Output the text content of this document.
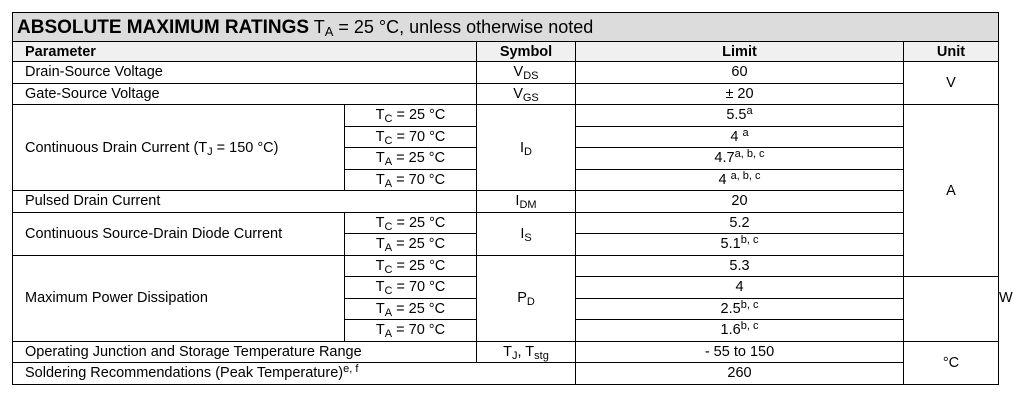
ABSOLUTE MAXIMUM RATINGS $T_A = 25$ °C, unless otherwise noted					
Parameter		Symbol	Limit	Unit	
Drain-Source Voltage		$V_{DS}$	60	V	
Gate-Source Voltage		$V_{GS}$	± 20		
Continuous Drain Current ($T_J = 150$ °C)	$T_C = 25$ °C	$I_D$	5.5$^a$	A	
	$T_C = 70$ °C		4 $^a$
	$T_A = 25$ °C		4.7$^{a, b, c}$
	$T_A = 70$ °C		4 $^{a, b, c}$
Pulsed Drain Current		$I_{DM}$	20		
Continuous Source-Drain Diode Current	$T_C = 25$ °C	$I_S$	5.2		
	$T_A = 25$ °C		5.1$^{b, c}$
Maximum Power Dissipation	$T_C = 25$ °C	$P_D$	5.3		W
	$T_C = 70$ °C		4		
	$T_A = 25$ °C		2.5$^{b, c}$
	$T_A = 70$ °C		1.6$^{b, c}$
Operating Junction and Storage Temperature Range		$T_J$, $T_{stg}$	- 55 to 150	°C	
Soldering Recommendations (Peak Temperature)$^{e, f}$			260		
